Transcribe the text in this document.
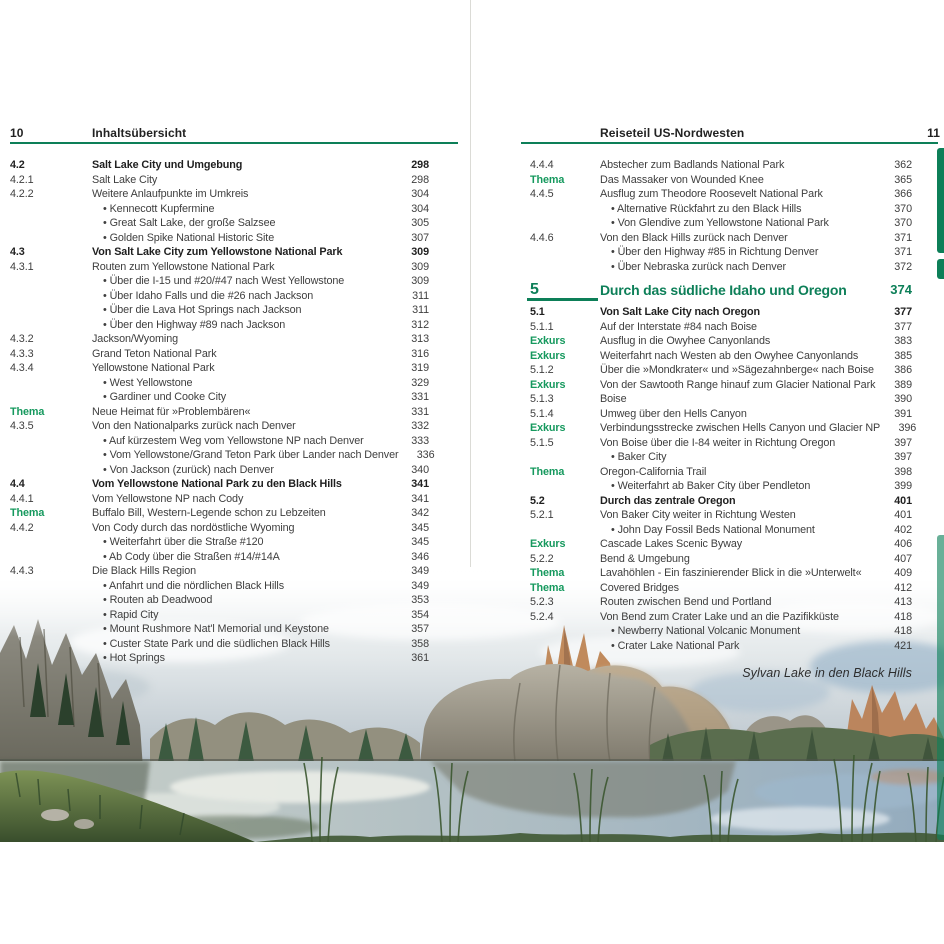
10	Inhaltsübersicht	Reiseteil US-Nordwesten	11
4.2	Salt Lake City und Umgebung	298
4.2.1	Salt Lake City	298
4.2.2	Weitere Anlaufpunkte im Umkreis	304
• Kennecott Kupfermine	304
• Great Salt Lake, der große Salzsee	305
• Golden Spike National Historic Site	307
4.3	Von Salt Lake City zum Yellowstone National Park	309
4.3.1	Routen zum Yellowstone National Park	309
• Über die I-15 und #20/#47 nach West Yellowstone	309
• Über Idaho Falls und die #26 nach Jackson	311
• Über die Lava Hot Springs nach Jackson	311
• Über den Highway #89 nach Jackson	312
4.3.2	Jackson/Wyoming	313
4.3.3	Grand Teton National Park	316
4.3.4	Yellowstone National Park	319
• West Yellowstone	329
• Gardiner und Cooke City	331
Thema	Neue Heimat für »Problembären«	331
4.3.5	Von den Nationalparks zurück nach Denver	332
• Auf kürzestem Weg vom Yellowstone NP nach Denver	333
• Vom Yellowstone/Grand Teton Park über Lander nach Denver	336
• Von Jackson (zurück) nach Denver	340
4.4	Vom Yellowstone National Park zu den Black Hills	341
4.4.1	Vom Yellowstone NP nach Cody	341
Thema	Buffalo Bill, Western-Legende schon zu Lebzeiten	342
4.4.2	Von Cody durch das nordöstliche Wyoming	345
• Weiterfahrt über die Straße #120	345
• Ab Cody über die Straßen #14/#14A	346
4.4.3	Die Black Hills Region	349
• Anfahrt und die nördlichen Black Hills	349
• Routen ab Deadwood	353
• Rapid City	354
• Mount Rushmore Nat'l Memorial und Keystone	357
• Custer State Park und die südlichen Black Hills	358
• Hot Springs	361
4.4.4	Abstecher zum Badlands National Park	362
Thema	Das Massaker von Wounded Knee	365
4.4.5	Ausflug zum Theodore Roosevelt National Park	366
• Alternative Rückfahrt zu den Black Hills	370
• Von Glendive zum Yellowstone National Park	370
4.4.6	Von den Black Hills zurück nach Denver	371
• Über den Highway #85 in Richtung Denver	371
• Über Nebraska zurück nach Denver	372
5	Durch das südliche Idaho und Oregon	374
5.1	Von Salt Lake City nach Oregon	377
5.1.1	Auf der Interstate #84 nach Boise	377
Exkurs	Ausflug in die Owyhee Canyonlands	383
Exkurs	Weiterfahrt nach Westen ab den Owyhee Canyonlands	385
5.1.2	Über die »Mondkrater« und »Sägezahnberge« nach Boise	386
Exkurs	Von der Sawtooth Range hinauf zum Glacier National Park	389
5.1.3	Boise	390
5.1.4	Umweg über den Hells Canyon	391
Exkurs	Verbindungsstrecke zwischen Hells Canyon und Glacier NP	396
5.1.5	Von Boise über die I-84 weiter in Richtung Oregon	397
• Baker City	397
Thema	Oregon-California Trail	398
• Weiterfahrt ab Baker City über Pendleton	399
5.2	Durch das zentrale Oregon	401
5.2.1	Von Baker City weiter in Richtung Westen	401
• John Day Fossil Beds National Monument	402
Exkurs	Cascade Lakes Scenic Byway	406
5.2.2	Bend & Umgebung	407
Thema	Lavahöhlen - Ein faszinierender Blick in die »Unterwelt«	409
Thema	Covered Bridges	412
5.2.3	Routen zwischen Bend und Portland	413
5.2.4	Von Bend zum Crater Lake und an die Pazifikküste	418
• Newberry National Volcanic Monument	418
• Crater Lake National Park	421
Sylvan Lake in den Black Hills
